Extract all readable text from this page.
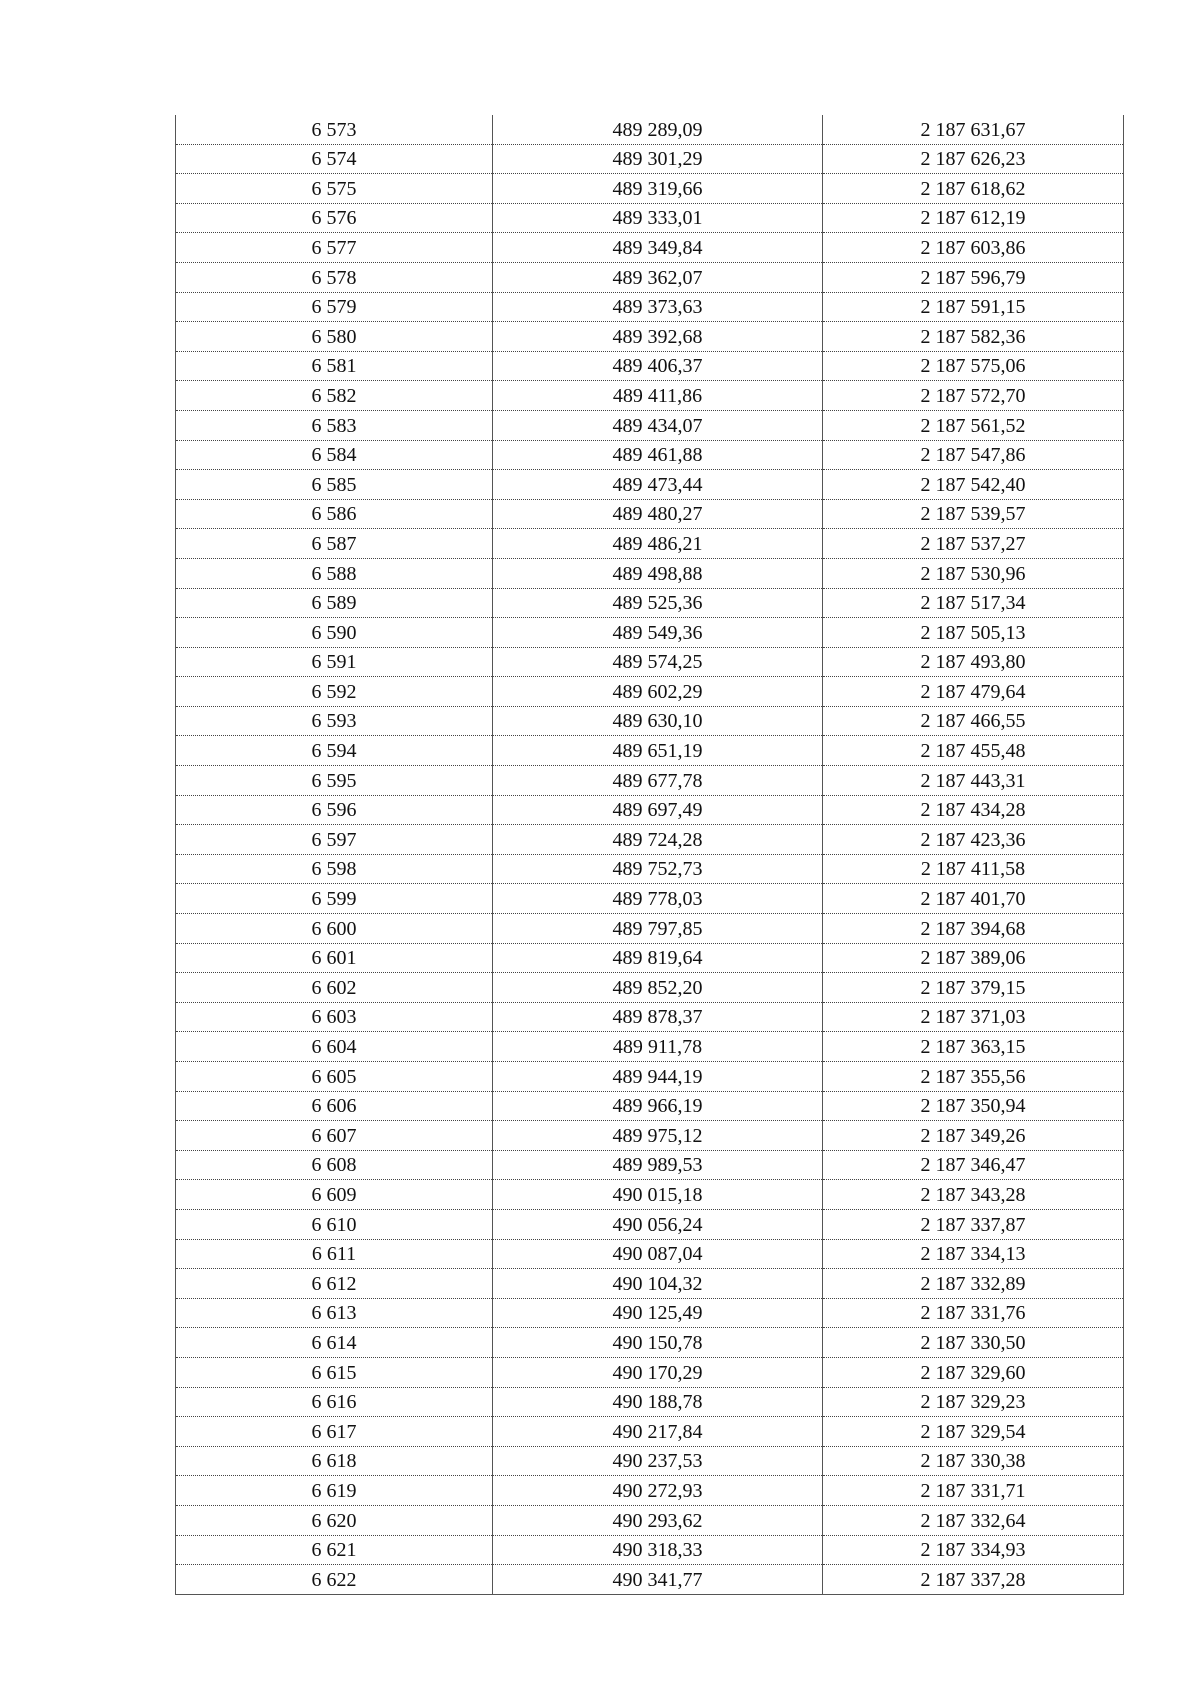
6 573	489 289,09	2 187 631,67
6 574	489 301,29	2 187 626,23
6 575	489 319,66	2 187 618,62
6 576	489 333,01	2 187 612,19
6 577	489 349,84	2 187 603,86
6 578	489 362,07	2 187 596,79
6 579	489 373,63	2 187 591,15
6 580	489 392,68	2 187 582,36
6 581	489 406,37	2 187 575,06
6 582	489 411,86	2 187 572,70
6 583	489 434,07	2 187 561,52
6 584	489 461,88	2 187 547,86
6 585	489 473,44	2 187 542,40
6 586	489 480,27	2 187 539,57
6 587	489 486,21	2 187 537,27
6 588	489 498,88	2 187 530,96
6 589	489 525,36	2 187 517,34
6 590	489 549,36	2 187 505,13
6 591	489 574,25	2 187 493,80
6 592	489 602,29	2 187 479,64
6 593	489 630,10	2 187 466,55
6 594	489 651,19	2 187 455,48
6 595	489 677,78	2 187 443,31
6 596	489 697,49	2 187 434,28
6 597	489 724,28	2 187 423,36
6 598	489 752,73	2 187 411,58
6 599	489 778,03	2 187 401,70
6 600	489 797,85	2 187 394,68
6 601	489 819,64	2 187 389,06
6 602	489 852,20	2 187 379,15
6 603	489 878,37	2 187 371,03
6 604	489 911,78	2 187 363,15
6 605	489 944,19	2 187 355,56
6 606	489 966,19	2 187 350,94
6 607	489 975,12	2 187 349,26
6 608	489 989,53	2 187 346,47
6 609	490 015,18	2 187 343,28
6 610	490 056,24	2 187 337,87
6 611	490 087,04	2 187 334,13
6 612	490 104,32	2 187 332,89
6 613	490 125,49	2 187 331,76
6 614	490 150,78	2 187 330,50
6 615	490 170,29	2 187 329,60
6 616	490 188,78	2 187 329,23
6 617	490 217,84	2 187 329,54
6 618	490 237,53	2 187 330,38
6 619	490 272,93	2 187 331,71
6 620	490 293,62	2 187 332,64
6 621	490 318,33	2 187 334,93
6 622	490 341,77	2 187 337,28
